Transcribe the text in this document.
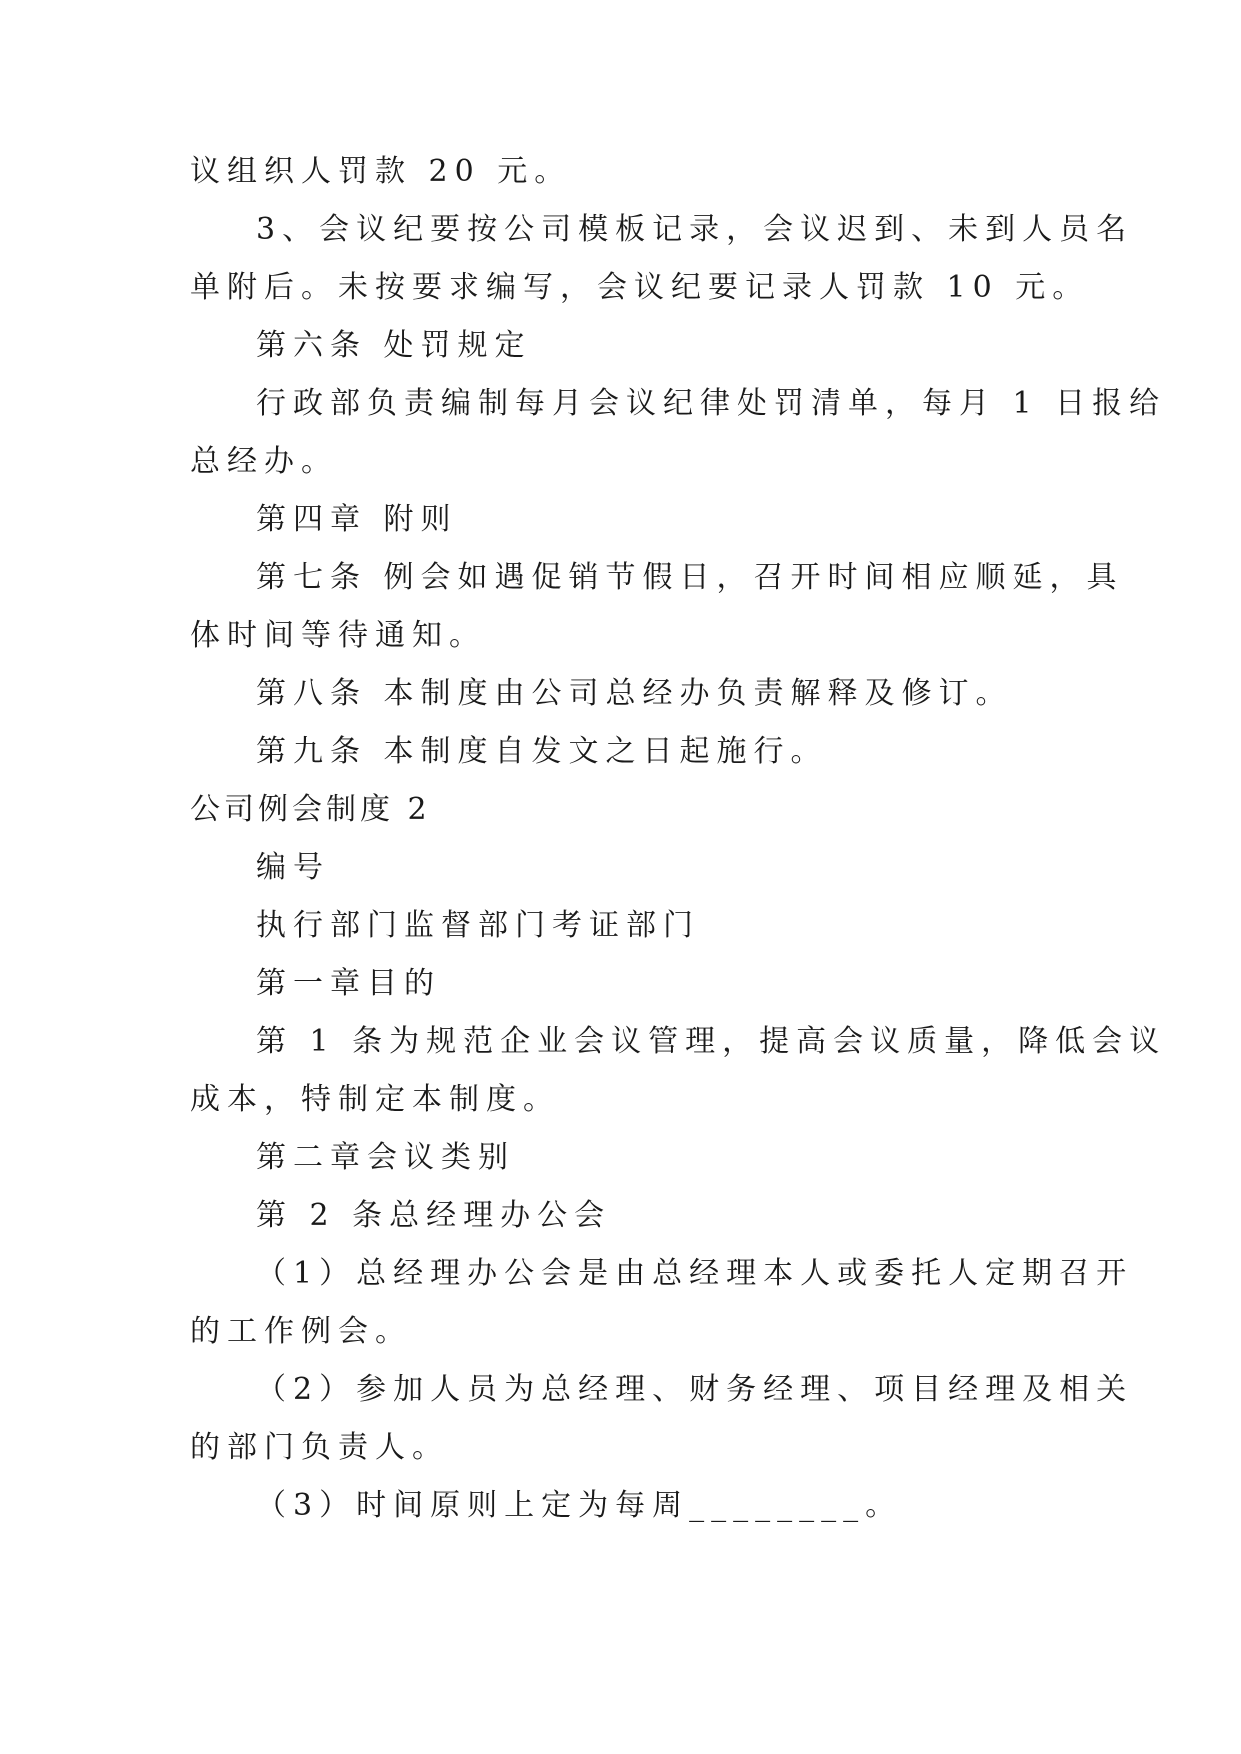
议组织人罚款 20 元。

3、会议纪要按公司模板记录，会议迟到、未到人员名

单附后。未按要求编写，会议纪要记录人罚款 10 元。

第六条 处罚规定

行政部负责编制每月会议纪律处罚清单，每月 1 日报给

总经办。

第四章 附则

第七条 例会如遇促销节假日，召开时间相应顺延，具

体时间等待通知。

第八条 本制度由公司总经办负责解释及修订。

第九条 本制度自发文之日起施行。

公司例会制度 2

编号

执行部门监督部门考证部门

第一章目的

第 1 条为规范企业会议管理，提高会议质量，降低会议

成本，特制定本制度。

第二章会议类别

第 2 条总经理办公会

（1）总经理办公会是由总经理本人或委托人定期召开

的工作例会。

（2）参加人员为总经理、财务经理、项目经理及相关

的部门负责人。

（3）时间原则上定为每周________。
